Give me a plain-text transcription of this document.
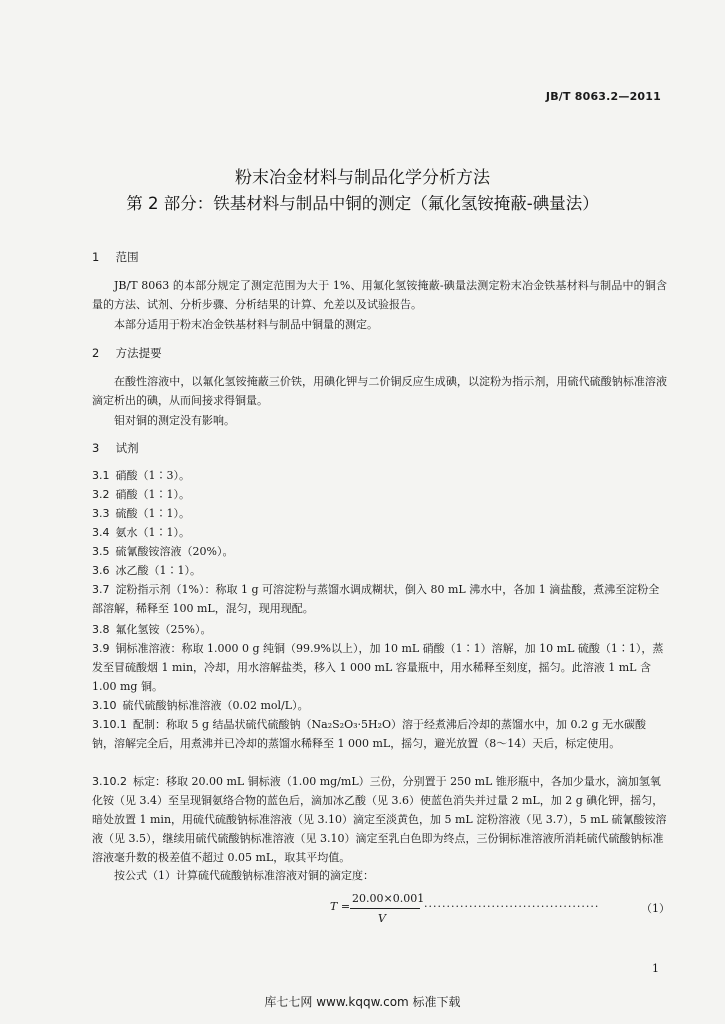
JB/T 8063.2—2011
粉末冶金材料与制品化学分析方法
第 2 部分：铁基材料与制品中铜的测定（氟化氢铵掩蔽-碘量法）
1 范围
JB/T 8063 的本部分规定了测定范围为大于 1%、用氟化氢铵掩蔽-碘量法测定粉末冶金铁基材料与制品中的铜含量的方法、试剂、分析步骤、分析结果的计算、允差以及试验报告。
本部分适用于粉末冶金铁基材料与制品中铜量的测定。
2 方法提要
在酸性溶液中，以氟化氢铵掩蔽三价铁，用碘化钾与二价铜反应生成碘，以淀粉为指示剂，用硫代硫酸钠标准溶液滴定析出的碘，从而间接求得铜量。
钼对铜的测定没有影响。
3 试剂
3.1 硝酸（1∶3）。
3.2 硝酸（1∶1）。
3.3 硫酸（1∶1）。
3.4 氨水（1∶1）。
3.5 硫氰酸铵溶液（20%）。
3.6 冰乙酸（1∶1）。
3.7 淀粉指示剂（1%）：称取 1 g 可溶淀粉与蒸馏水调成糊状，倒入 80 mL 沸水中，各加 1 滴盐酸，煮沸至淀粉全部溶解，稀释至 100 mL，混匀，现用现配。
3.8 氟化氢铵（25%）。
3.9 铜标准溶液：称取 1.000 0 g 纯铜（99.9%以上），加 10 mL 硝酸（1∶1）溶解，加 10 mL 硫酸（1∶1），蒸发至冒硫酸烟 1 min，冷却，用水溶解盐类，移入 1 000 mL 容量瓶中，用水稀释至刻度，摇匀。此溶液 1 mL 含 1.00 mg 铜。
3.10 硫代硫酸钠标准溶液（0.02 mol/L）。
3.10.1 配制：称取 5 g 结晶状硫代硫酸钠（Na₂S₂O₃·5H₂O）溶于经煮沸后冷却的蒸馏水中，加 0.2 g 无水碳酸钠，溶解完全后，用煮沸并已冷却的蒸馏水稀释至 1 000 mL，摇匀，避光放置（8～14）天后，标定使用。
3.10.2 标定：移取 20.00 mL 铜标液（1.00 mg/mL）三份，分别置于 250 mL 锥形瓶中，各加少量水，滴加氢氧化铵（见 3.4）至呈现铜氨络合物的蓝色后，滴加冰乙酸（见 3.6）使蓝色消失并过量 2 mL，加 2 g 碘化钾，摇匀，暗处放置 1 min，用硫代硫酸钠标准溶液（见 3.10）滴定至淡黄色，加 5 mL 淀粉溶液（见 3.7），5 mL 硫氰酸铵溶液（见 3.5），继续用硫代硫酸钠标准溶液（见 3.10）滴定至乳白色即为终点，三份铜标准溶液所消耗硫代硫酸钠标准溶液毫升数的极差值不超过 0.05 mL，取其平均值。
按公式（1）计算硫代硫酸钠标准溶液对铜的滴定度：
T =
20.00×0.001
V
·······································	（1）
1
库七七网 www.kqqw.com 标准下载
